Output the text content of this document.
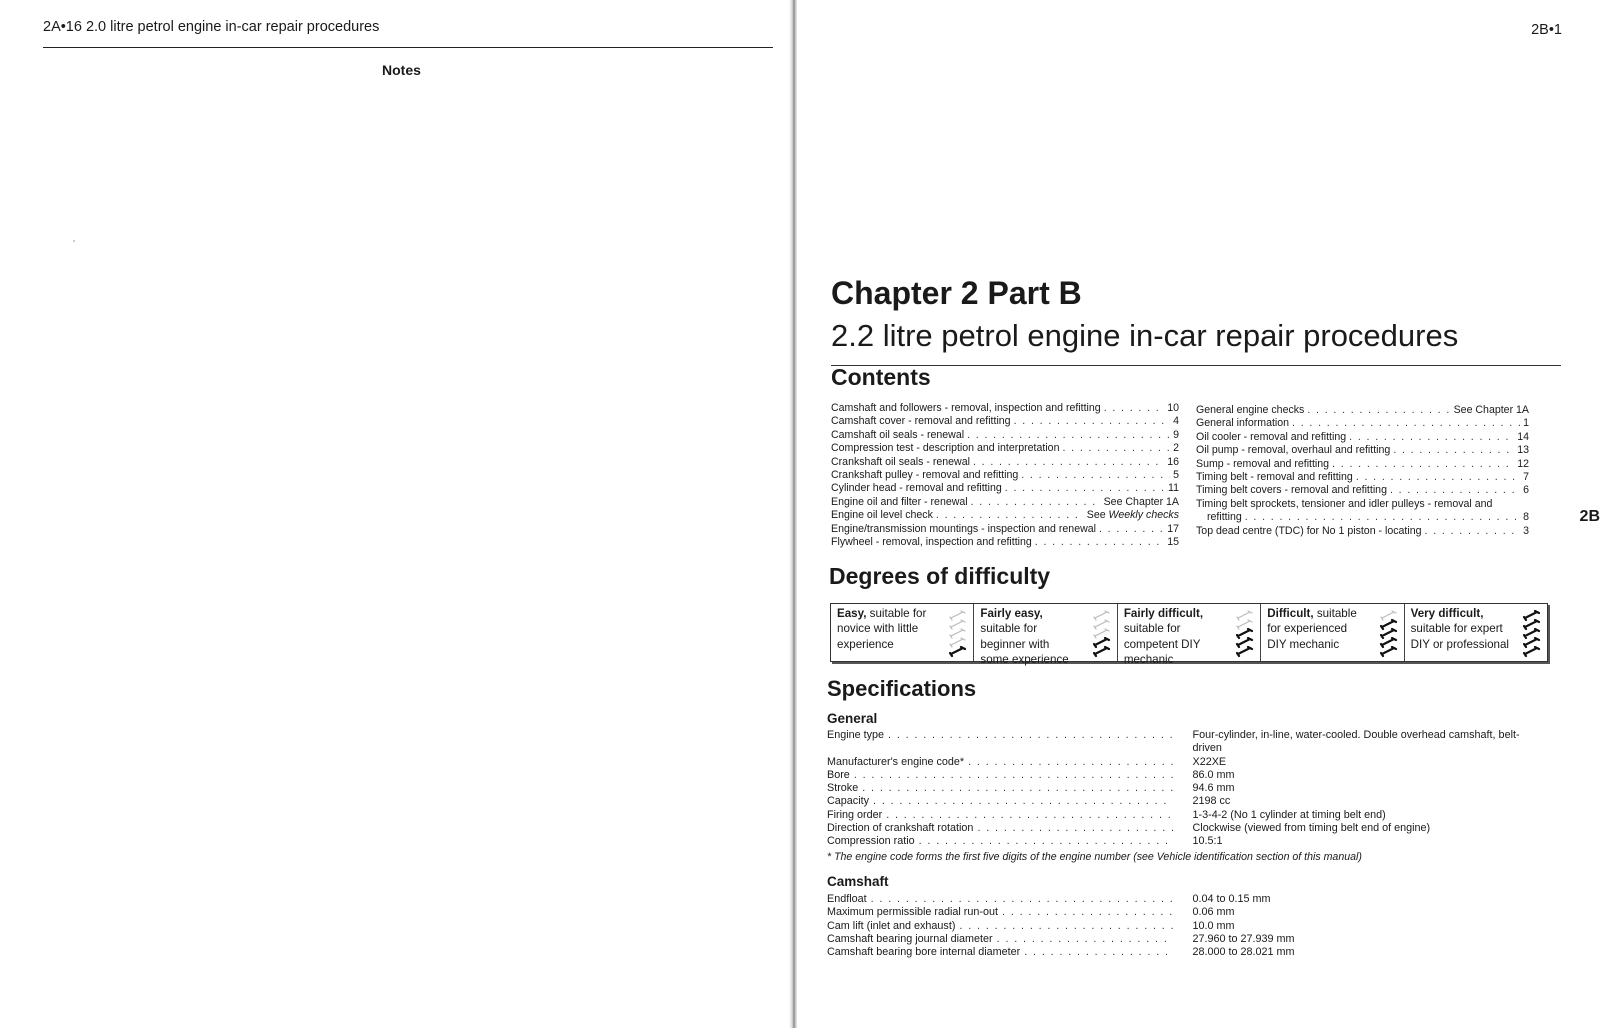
2A•16 2.0 litre petrol engine in-car repair procedures
Notes
2B•1
Chapter 2 Part B
2.2 litre petrol engine in-car repair procedures
Contents
Camshaft and followers - removal, inspection and refitting . . .	10
Camshaft cover - removal and refitting . . .	4
Camshaft oil seals - renewal . . .	9
Compression test - description and interpretation . . .	2
Crankshaft oil seals - renewal . . .	16
Crankshaft pulley - removal and refitting . . .	5
Cylinder head - removal and refitting . . .	11
Engine oil and filter - renewal . . .	See Chapter 1A
Engine oil level check . . .	See Weekly checks
Engine/transmission mountings - inspection and renewal . . .	17
Flywheel - removal, inspection and refitting . . .	15
General engine checks . . .	See Chapter 1A
General information . . .	1
Oil cooler - removal and refitting . . .	14
Oil pump - removal, overhaul and refitting . . .	13
Sump - removal and refitting . . .	12
Timing belt - removal and refitting . . .	7
Timing belt covers - removal and refitting . . .	6
Timing belt sprockets, tensioner and idler pulleys - removal and
refitting . . .	8
Top dead centre (TDC) for No 1 piston - locating . . .	3
2B
Degrees of difficulty
Easy, suitable for novice with little experience
Fairly easy, suitable for beginner with some experience
Fairly difficult, suitable for competent DIY mechanic
Difficult, suitable for experienced DIY mechanic
Very difficult, suitable for expert DIY or professional
Specifications
General
Engine type . . .	Four-cylinder, in-line, water-cooled. Double overhead camshaft, belt-driven
Manufacturer's engine code* . . .	X22XE
Bore . . .	86.0 mm
Stroke . . .	94.6 mm
Capacity . . .	2198 cc
Firing order . . .	1-3-4-2 (No 1 cylinder at timing belt end)
Direction of crankshaft rotation . . .	Clockwise (viewed from timing belt end of engine)
Compression ratio . . .	10.5:1
* The engine code forms the first five digits of the engine number (see Vehicle identification section of this manual)
Camshaft
Endfloat . . .	0.04 to 0.15 mm
Maximum permissible radial run-out . . .	0.06 mm
Cam lift (inlet and exhaust) . . .	10.0 mm
Camshaft bearing journal diameter . . .	27.960 to 27.939 mm
Camshaft bearing bore internal diameter . . .	28.000 to 28.021 mm
